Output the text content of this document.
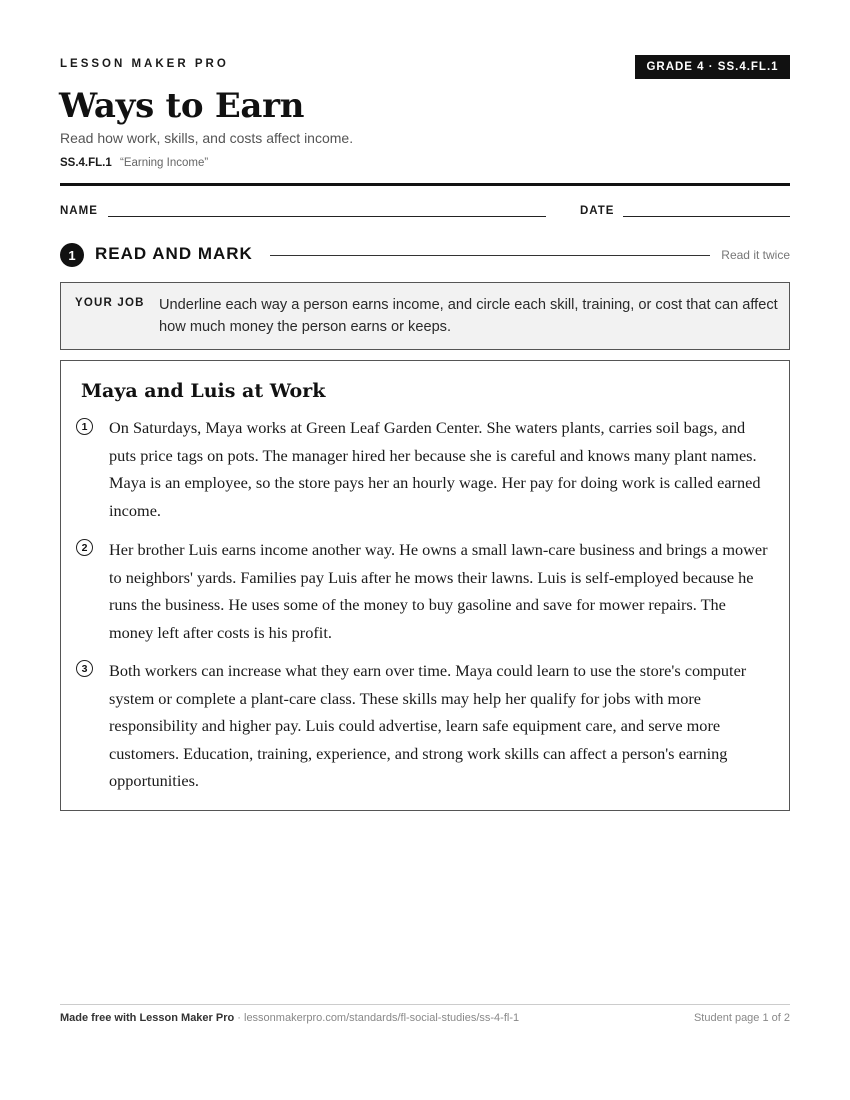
LESSON MAKER PRO	GRADE 4 · SS.4.FL.1
Ways to Earn
Read how work, skills, and costs affect income.
SS.4.FL.1 “Earning Income”
NAME	DATE
1	READ AND MARK	Read it twice
YOUR JOB Underline each way a person earns income, and circle each skill, training, or cost that can affect how much money the person earns or keeps.
Maya and Luis at Work
1	On Saturdays, Maya works at Green Leaf Garden Center. She waters plants, carries soil bags, and puts price tags on pots. The manager hired her because she is careful and knows many plant names. Maya is an employee, so the store pays her an hourly wage. Her pay for doing work is called earned income.

2	Her brother Luis earns income another way. He owns a small lawn-care business and brings a mower to neighbors' yards. Families pay Luis after he mows their lawns. Luis is self-employed because he runs the business. He uses some of the money to buy gasoline and save for mower repairs. The money left after costs is his profit.

3	Both workers can increase what they earn over time. Maya could learn to use the store's computer system or complete a plant-care class. These skills may help her qualify for jobs with more responsibility and higher pay. Luis could advertise, learn safe equipment care, and serve more customers. Education, training, experience, and strong work skills can affect a person's earning opportunities.

Made free with Lesson Maker Pro · lessonmakerpro.com/standards/fl-social-studies/ss-4-fl-1	Student page 1 of 2
